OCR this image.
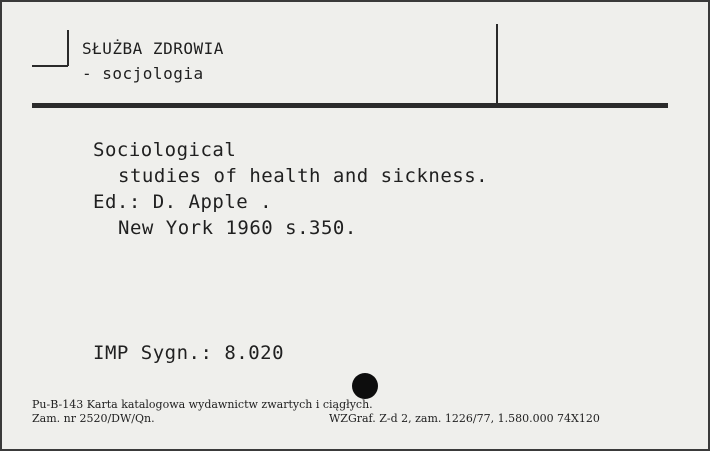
SŁUŻBA ZDROWIA
- socjologia
Sociological
studies of health and sickness.
Ed.: D. Apple .
New York 1960 s.350.
IMP Sygn.: 8.020
Pu-B-143 Karta katalogowa wydawnictw zwartych i ciągłych.
Zam. nr 2520/DW/Qn.	WZGraf. Z-d 2, zam. 1226/77, 1.580.000 74X120
